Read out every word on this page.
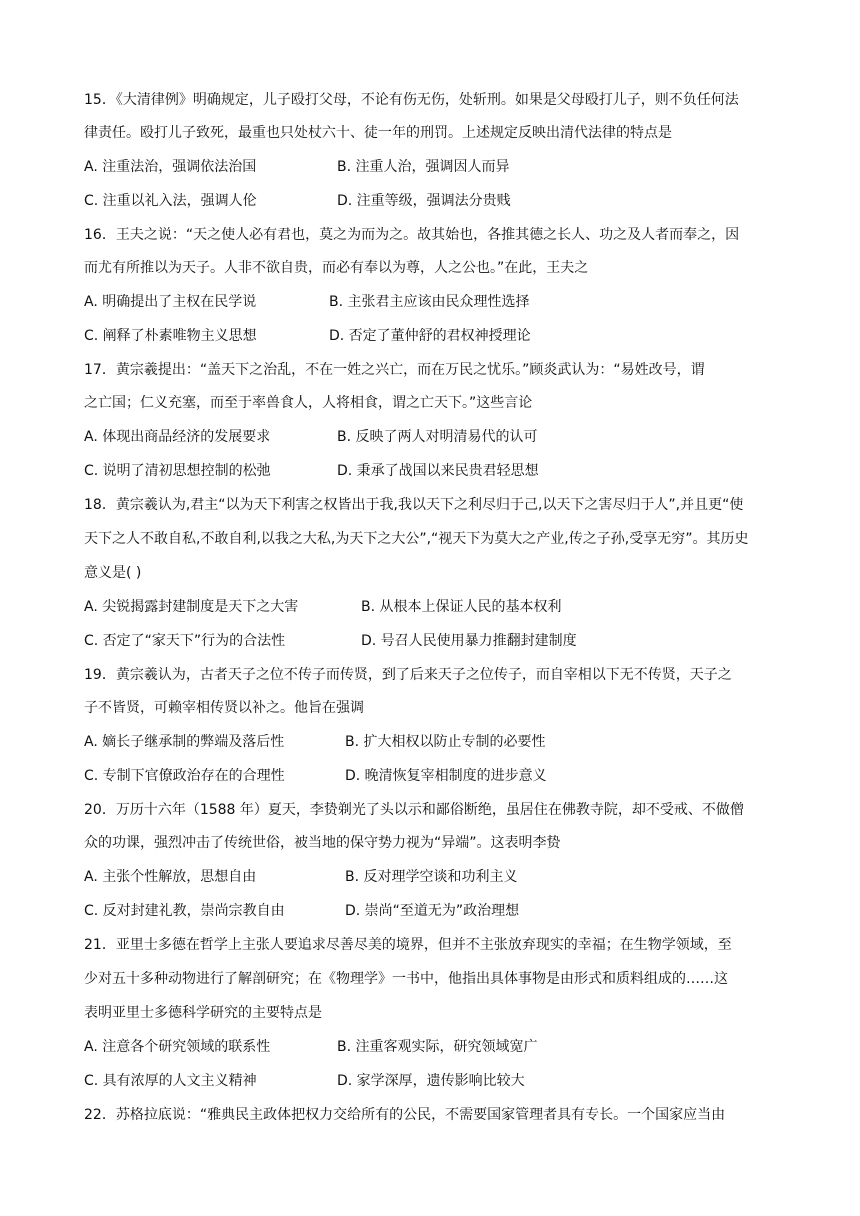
15．《大清律例》明确规定，儿子殴打父母，不论有伤无伤，处斩刑。如果是父母殴打儿子，则不负任何法
律责任。殴打儿子致死，最重也只处杖六十、徒一年的刑罚。上述规定反映出清代法律的特点是
A. 注重法治，强调依法治国	B. 注重人治，强调因人而异
C. 注重以礼入法，强调人伦	D. 注重等级，强调法分贵贱
16．王夫之说：“天之使人必有君也，莫之为而为之。故其始也，各推其德之长人、功之及人者而奉之，因
而尤有所推以为天子。人非不欲自贵，而必有奉以为尊，人之公也。”在此，王夫之
A. 明确提出了主权在民学说	B. 主张君主应该由民众理性选择
C. 阐释了朴素唯物主义思想	D. 否定了董仲舒的君权神授理论
17．黄宗羲提出：“盖天下之治乱，不在一姓之兴亡，而在万民之忧乐。”顾炎武认为：“易姓改号，谓
之亡国；仁义充塞，而至于率兽食人，人将相食，谓之亡天下。”这些言论
A. 体现出商品经济的发展要求	B. 反映了两人对明清易代的认可
C. 说明了清初思想控制的松弛	D. 秉承了战国以来民贵君轻思想
18．黄宗羲认为,君主“以为天下利害之权皆出于我,我以天下之利尽归于己,以天下之害尽归于人”,并且更“使
天下之人不敢自私,不敢自利,以我之大私,为天下之大公”,“视天下为莫大之产业,传之子孙,受享无穷”。其历史
意义是( )
A. 尖锐揭露封建制度是天下之大害	B. 从根本上保证人民的基本权利
C. 否定了“家天下”行为的合法性	D. 号召人民使用暴力推翻封建制度
19．黄宗羲认为，古者天子之位不传子而传贤，到了后来天子之位传子，而自宰相以下无不传贤，天子之
子不皆贤，可赖宰相传贤以补之。他旨在强调
A. 嫡长子继承制的弊端及落后性	B. 扩大相权以防止专制的必要性
C. 专制下官僚政治存在的合理性	D. 晚清恢复宰相制度的进步意义
20．万历十六年（1588 年）夏天，李贽剃光了头以示和鄙俗断绝，虽居住在佛教寺院，却不受戒、不做僧
众的功课，强烈冲击了传统世俗，被当地的保守势力视为“异端”。这表明李贽
A. 主张个性解放，思想自由	B. 反对理学空谈和功利主义
C. 反对封建礼教，崇尚宗教自由	D. 崇尚“至道无为”政治理想
21．亚里士多德在哲学上主张人要追求尽善尽美的境界，但并不主张放弃现实的幸福；在生物学领域，至
少对五十多种动物进行了解剖研究；在《物理学》一书中，他指出具体事物是由形式和质料组成的……这
表明亚里士多德科学研究的主要特点是
A. 注意各个研究领域的联系性	B. 注重客观实际，研究领域宽广
C. 具有浓厚的人文主义精神	D. 家学深厚，遗传影响比较大
22．苏格拉底说：“雅典民主政体把权力交给所有的公民，不需要国家管理者具有专长。一个国家应当由
